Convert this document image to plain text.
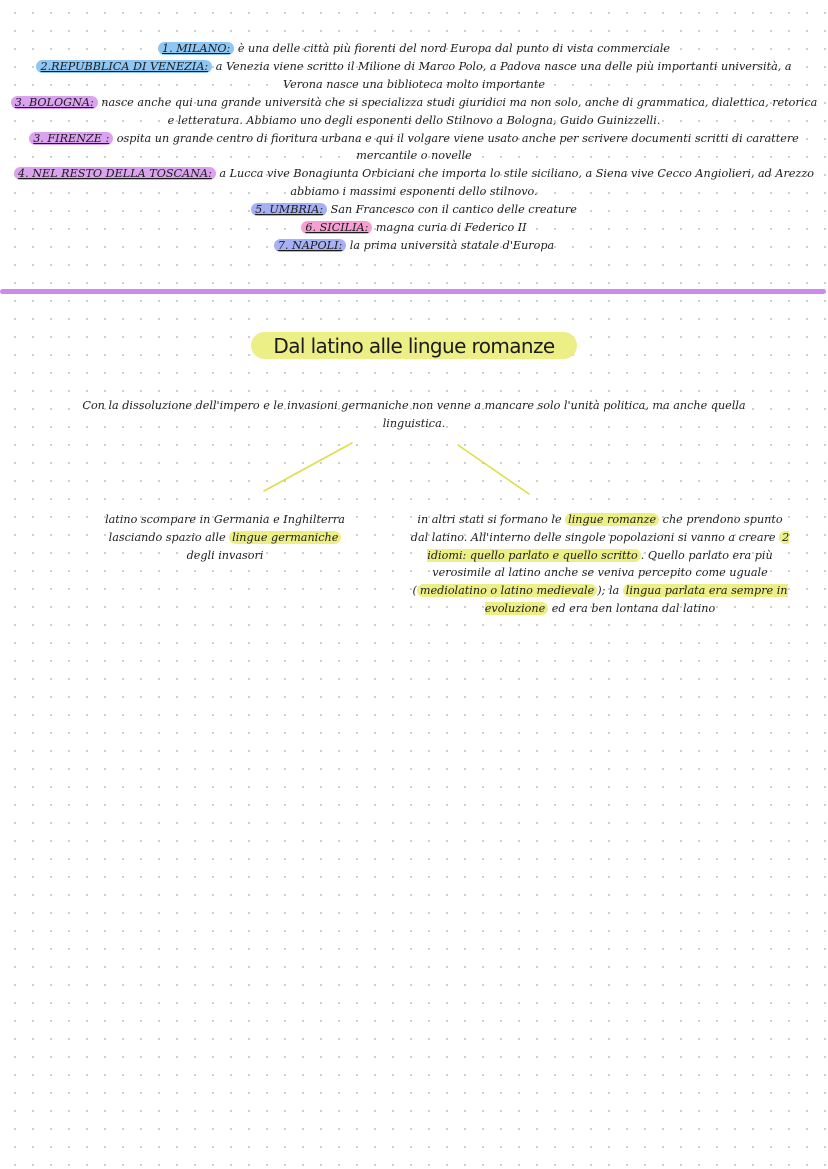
1. MILANO: è una delle città più fiorenti del nord Europa dal punto di vista commerciale

2.REPUBBLICA DI VENEZIA: a Venezia viene scritto il Milione di Marco Polo, a Padova nasce una delle più importanti università, a Verona nasce una biblioteca molto importante

3. BOLOGNA: nasce anche qui una grande università che si specializza studi giuridici ma non solo, anche di grammatica, dialettica, retorica e letteratura. Abbiamo uno degli esponenti dello Stilnovo a Bologna, Guido Guinizzelli.

3. FIRENZE : ospita un grande centro di fioritura urbana e qui il volgare viene usato anche per scrivere documenti scritti di carattere mercantile o novelle

4. NEL RESTO DELLA TOSCANA: a Lucca vive Bonagiunta Orbiciani che importa lo stile siciliano, a Siena vive Cecco Angiolieri, ad Arezzo abbiamo i massimi esponenti dello stilnovo.

5. UMBRIA: San Francesco con il cantico delle creature

6. SICILIA: magna curia di Federico II

7. NAPOLI: la prima università statale d'Europa

Dal latino alle lingue romanze

Con la dissoluzione dell'impero e le invasioni germaniche non venne a mancare solo l'unità politica, ma anche quella linguistica.

latino scompare in Germania e Inghilterra lasciando spazio alle lingue germaniche degli invasori

in altri stati si formano le lingue romanze che prendono spunto dal latino. All'interno delle singole popolazioni si vanno a creare 2 idiomi: quello parlato e quello scritto . Quello parlato era più verosimile al latino anche se veniva percepito come uguale ( mediolatino o latino medievale ); la lingua parlata era sempre in evoluzione ed era ben lontana dal latino
